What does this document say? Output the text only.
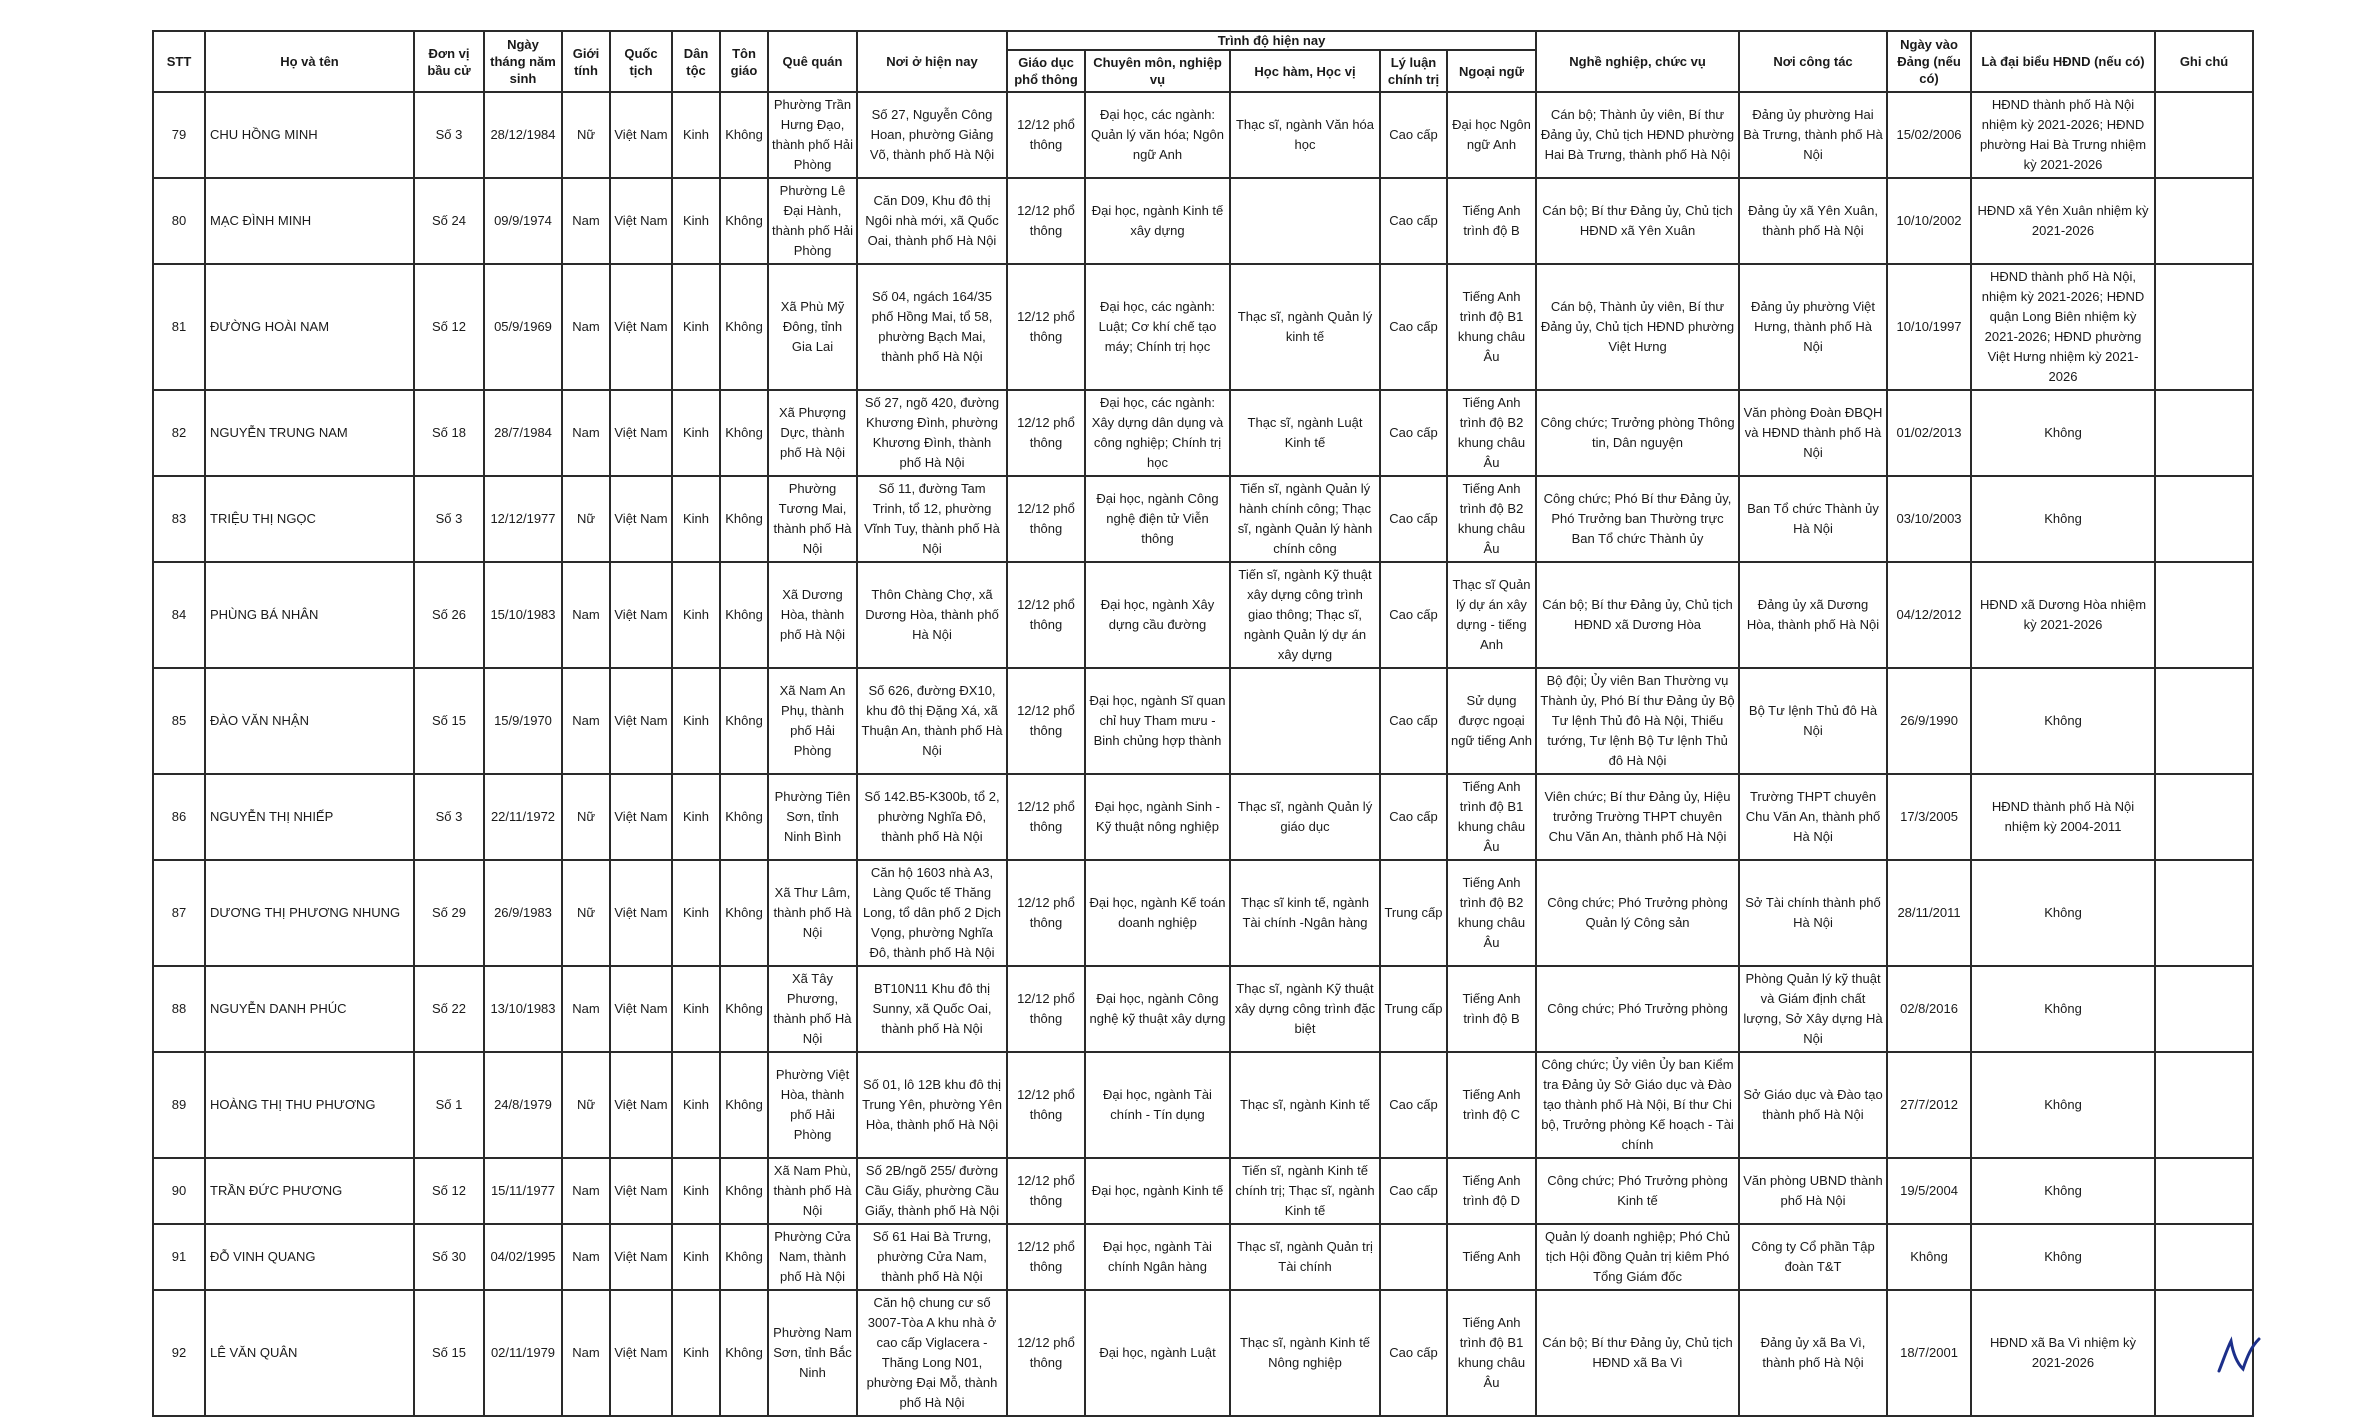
STT	Họ và tên	Đơn vị bầu cử	Ngày tháng năm sinh	Giới tính	Quốc tịch	Dân tộc	Tôn giáo	Quê quán	Nơi ở hiện nay	Trình độ hiện nay					Nghề nghiệp, chức vụ	Nơi công tác	Ngày vào Đảng (nếu có)	Là đại biểu HĐND (nếu có)	Ghi chú
										Giáo dục phổ thông	Chuyên môn, nghiệp vụ	Học hàm, Học vị	Lý luận chính trị	Ngoại ngữ					
79	CHU HỒNG MINH	Số 3	28/12/1984	Nữ	Việt Nam	Kinh	Không	Phường Trần Hưng Đạo, thành phố Hải Phòng	Số 27, Nguyễn Công Hoan, phường Giảng Võ, thành phố Hà Nội	12/12 phổ thông	Đại học, các ngành: Quản lý văn hóa; Ngôn ngữ Anh	Thạc sĩ, ngành Văn hóa học	Cao cấp	Đại học Ngôn ngữ Anh	Cán bộ; Thành ủy viên, Bí thư Đảng ủy, Chủ tịch HĐND phường Hai Bà Trưng, thành phố Hà Nội	Đảng ủy phường Hai Bà Trưng, thành phố Hà Nội	15/02/2006	HĐND thành phố Hà Nội nhiệm kỳ 2021-2026; HĐND phường Hai Bà Trưng nhiệm kỳ 2021-2026	
80	MẠC ĐÌNH MINH	Số 24	09/9/1974	Nam	Việt Nam	Kinh	Không	Phường Lê Đại Hành, thành phố Hải Phòng	Căn D09, Khu đô thị Ngôi nhà mới, xã Quốc Oai, thành phố Hà Nội	12/12 phổ thông	Đại học, ngành Kinh tế xây dựng		Cao cấp	Tiếng Anh trình độ B	Cán bộ; Bí thư Đảng ủy, Chủ tịch HĐND xã Yên Xuân	Đảng ủy xã Yên Xuân, thành phố Hà Nội	10/10/2002	HĐND xã Yên Xuân nhiệm kỳ 2021-2026	
81	ĐƯỜNG HOÀI NAM	Số 12	05/9/1969	Nam	Việt Nam	Kinh	Không	Xã Phù Mỹ Đông, tỉnh Gia Lai	Số 04, ngách 164/35 phố Hồng Mai, tổ 58, phường Bạch Mai, thành phố Hà Nội	12/12 phổ thông	Đại học, các ngành: Luật; Cơ khí chế tạo máy; Chính trị học	Thạc sĩ, ngành Quản lý kinh tế	Cao cấp	Tiếng Anh trình độ B1 khung châu Âu	Cán bộ, Thành ủy viên, Bí thư Đảng ủy, Chủ tịch HĐND phường Việt Hưng	Đảng ủy phường Việt Hưng, thành phố Hà Nội	10/10/1997	HĐND thành phố Hà Nội, nhiệm kỳ 2021-2026; HĐND quận Long Biên nhiệm kỳ 2021-2026; HĐND phường Việt Hưng nhiệm kỳ 2021-2026	
82	NGUYỄN TRUNG NAM	Số 18	28/7/1984	Nam	Việt Nam	Kinh	Không	Xã Phượng Dực, thành phố Hà Nội	Số 27, ngõ 420, đường Khương Đình, phường Khương Đình, thành phố Hà Nội	12/12 phổ thông	Đại học, các ngành: Xây dựng dân dụng và công nghiệp; Chính trị học	Thạc sĩ, ngành Luật Kinh tế	Cao cấp	Tiếng Anh trình độ B2 khung châu Âu	Công chức; Trưởng phòng Thông tin, Dân nguyện	Văn phòng Đoàn ĐBQH và HĐND thành phố Hà Nội	01/02/2013	Không	
83	TRIỆU THỊ NGỌC	Số 3	12/12/1977	Nữ	Việt Nam	Kinh	Không	Phường Tương Mai, thành phố Hà Nội	Số 11, đường Tam Trinh, tổ 12, phường Vĩnh Tuy, thành phố Hà Nội	12/12 phổ thông	Đại học, ngành Công nghệ điện tử Viễn thông	Tiến sĩ, ngành Quản lý hành chính công; Thạc sĩ, ngành Quản lý hành chính công	Cao cấp	Tiếng Anh trình độ B2 khung châu Âu	Công chức; Phó Bí thư Đảng ủy, Phó Trưởng ban Thường trực Ban Tổ chức Thành ủy	Ban Tổ chức Thành ủy Hà Nội	03/10/2003	Không	
84	PHÙNG BÁ NHÂN	Số 26	15/10/1983	Nam	Việt Nam	Kinh	Không	Xã Dương Hòa, thành phố Hà Nội	Thôn Chàng Chợ, xã Dương Hòa, thành phố Hà Nội	12/12 phổ thông	Đại học, ngành Xây dựng cầu đường	Tiến sĩ, ngành Kỹ thuật xây dựng công trình giao thông; Thạc sĩ, ngành Quản lý dự án xây dựng	Cao cấp	Thạc sĩ Quản lý dự án xây dựng - tiếng Anh	Cán bộ; Bí thư Đảng ủy, Chủ tịch HĐND xã Dương Hòa	Đảng ủy xã Dương Hòa, thành phố Hà Nội	04/12/2012	HĐND xã Dương Hòa nhiệm kỳ 2021-2026	
85	ĐÀO VĂN NHẬN	Số 15	15/9/1970	Nam	Việt Nam	Kinh	Không	Xã Nam An Phụ, thành phố Hải Phòng	Số 626, đường ĐX10, khu đô thị Đặng Xá, xã Thuận An, thành phố Hà Nội	12/12 phổ thông	Đại học, ngành Sĩ quan chỉ huy Tham mưu - Binh chủng hợp thành		Cao cấp	Sử dụng được ngoại ngữ tiếng Anh	Bộ đội; Ủy viên Ban Thường vụ Thành ủy, Phó Bí thư Đảng ủy Bộ Tư lệnh Thủ đô Hà Nội, Thiếu tướng, Tư lệnh Bộ Tư lệnh Thủ đô Hà Nội	Bộ Tư lệnh Thủ đô Hà Nội	26/9/1990	Không	
86	NGUYỄN THỊ NHIẾP	Số 3	22/11/1972	Nữ	Việt Nam	Kinh	Không	Phường Tiên Sơn, tỉnh Ninh Bình	Số 142.B5-K300b, tổ 2, phường Nghĩa Đô, thành phố Hà Nội	12/12 phổ thông	Đại học, ngành Sinh - Kỹ thuật nông nghiệp	Thạc sĩ, ngành Quản lý giáo dục	Cao cấp	Tiếng Anh trình độ B1 khung châu Âu	Viên chức; Bí thư Đảng ủy, Hiệu trưởng Trường THPT chuyên Chu Văn An, thành phố Hà Nội	Trường THPT chuyên Chu Văn An, thành phố Hà Nội	17/3/2005	HĐND thành phố Hà Nội nhiệm kỳ 2004-2011	
87	DƯƠNG THỊ PHƯƠNG NHUNG	Số 29	26/9/1983	Nữ	Việt Nam	Kinh	Không	Xã Thư Lâm, thành phố Hà Nội	Căn hộ 1603 nhà A3, Làng Quốc tế Thăng Long, tổ dân phố 2 Dịch Vọng, phường Nghĩa Đô, thành phố Hà Nội	12/12 phổ thông	Đại học, ngành Kế toán doanh nghiệp	Thạc sĩ kinh tế, ngành Tài chính -Ngân hàng	Trung cấp	Tiếng Anh trình độ B2 khung châu Âu	Công chức; Phó Trưởng phòng Quản lý Công sản	Sở Tài chính thành phố Hà Nội	28/11/2011	Không	
88	NGUYỄN DANH PHÚC	Số 22	13/10/1983	Nam	Việt Nam	Kinh	Không	Xã Tây Phương, thành phố Hà Nội	BT10N11 Khu đô thị Sunny, xã Quốc Oai, thành phố Hà Nội	12/12 phổ thông	Đại học, ngành Công nghệ kỹ thuật xây dựng	Thạc sĩ, ngành Kỹ thuật xây dựng công trình đặc biệt	Trung cấp	Tiếng Anh trình độ B	Công chức; Phó Trưởng phòng	Phòng Quản lý kỹ thuật và Giám định chất lượng, Sở Xây dựng Hà Nội	02/8/2016	Không	
89	HOÀNG THỊ THU PHƯƠNG	Số 1	24/8/1979	Nữ	Việt Nam	Kinh	Không	Phường Việt Hòa, thành phố Hải Phòng	Số 01, lô 12B khu đô thị Trung Yên, phường Yên Hòa, thành phố Hà Nội	12/12 phổ thông	Đại học, ngành Tài chính - Tín dụng	Thạc sĩ, ngành Kinh tế	Cao cấp	Tiếng Anh trình độ C	Công chức; Ủy viên Ủy ban Kiểm tra Đảng ủy Sở Giáo dục và Đào tạo thành phố Hà Nội, Bí thư Chi bộ, Trưởng phòng Kế hoạch - Tài chính	Sở Giáo dục và Đào tạo thành phố Hà Nội	27/7/2012	Không	
90	TRẦN ĐỨC PHƯƠNG	Số 12	15/11/1977	Nam	Việt Nam	Kinh	Không	Xã Nam Phù, thành phố Hà Nội	Số 2B/ngõ 255/ đường Cầu Giấy, phường Cầu Giấy, thành phố Hà Nội	12/12 phổ thông	Đại học, ngành Kinh tế	Tiến sĩ, ngành Kinh tế chính trị; Thạc sĩ, ngành Kinh tế	Cao cấp	Tiếng Anh trình độ D	Công chức; Phó Trưởng phòng Kinh tế	Văn phòng UBND thành phố Hà Nội	19/5/2004	Không	
91	ĐỖ VINH QUANG	Số 30	04/02/1995	Nam	Việt Nam	Kinh	Không	Phường Cửa Nam, thành phố Hà Nội	Số 61 Hai Bà Trưng, phường Cửa Nam, thành phố Hà Nội	12/12 phổ thông	Đại học, ngành Tài chính Ngân hàng	Thạc sĩ, ngành Quản trị Tài chính		Tiếng Anh	Quản lý doanh nghiệp; Phó Chủ tịch Hội đồng Quản trị kiêm Phó Tổng Giám đốc	Công ty Cổ phần Tập đoàn T&T	Không	Không	
92	LÊ VĂN QUÂN	Số 15	02/11/1979	Nam	Việt Nam	Kinh	Không	Phường Nam Sơn, tỉnh Bắc Ninh	Căn hộ chung cư số 3007-Tòa A khu nhà ở cao cấp Viglacera - Thăng Long N01, phường Đại Mỗ, thành phố Hà Nội	12/12 phổ thông	Đại học, ngành Luật	Thạc sĩ, ngành Kinh tế Nông nghiệp	Cao cấp	Tiếng Anh trình độ B1 khung châu Âu	Cán bộ; Bí thư Đảng ủy, Chủ tịch HĐND xã Ba Vì	Đảng ủy xã Ba Vì, thành phố Hà Nội	18/7/2001	HĐND xã Ba Vì nhiệm kỳ 2021-2026	
